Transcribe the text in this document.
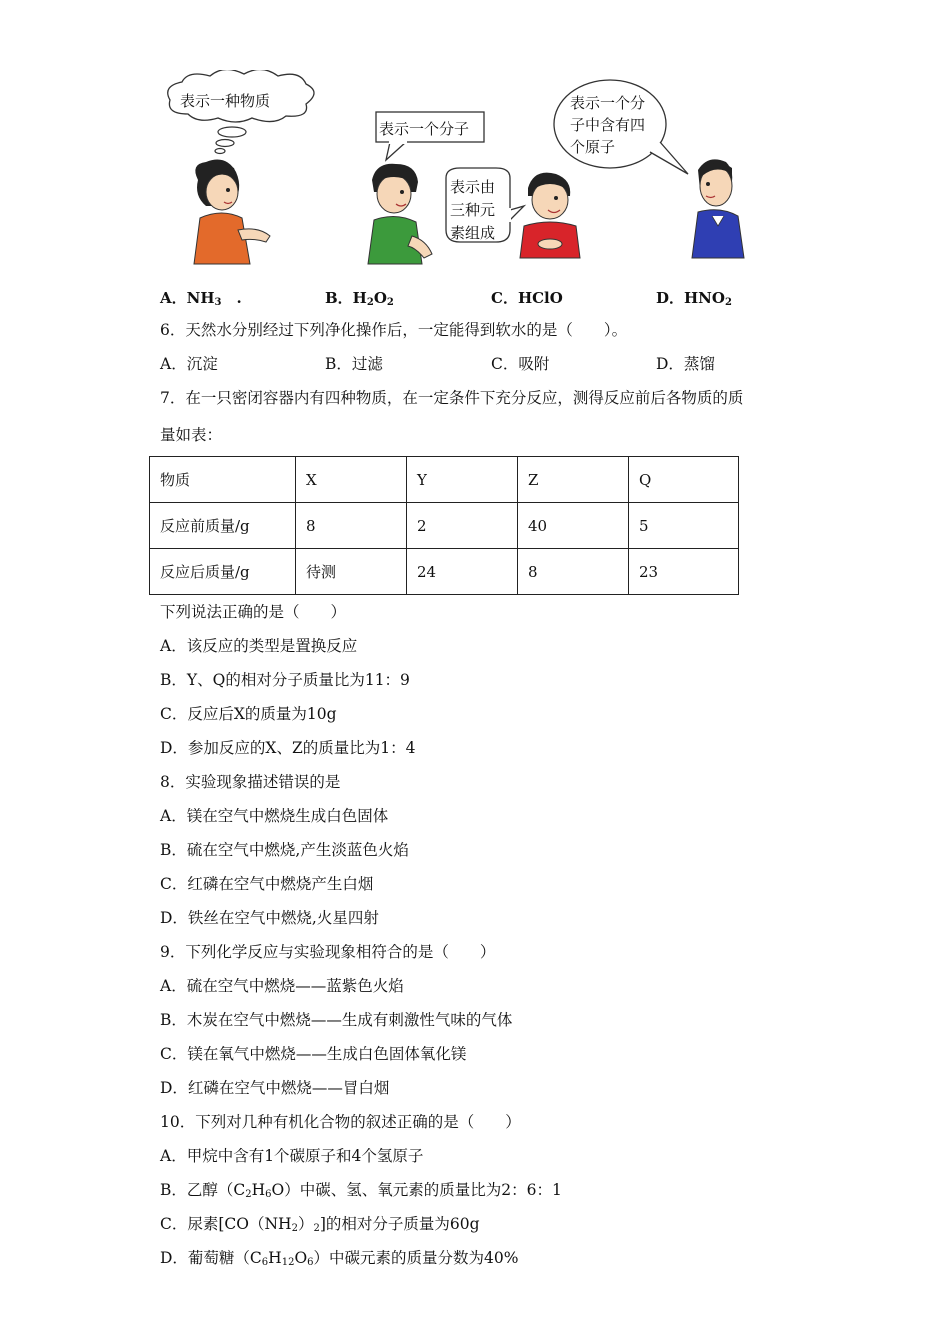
表示一种物质
表示一个分子
表示由
三种元
素组成
表示一个分
子中含有四
个原子
A．$NH_3$　.	B．$H_2O_2$	C．HClO	D．$HNO_2$
6．天然水分别经过下列净化操作后，一定能得到软水的是（　　）。
A．沉淀	B．过滤	C．吸附	D．蒸馏
7．在一只密闭容器内有四种物质，在一定条件下充分反应，测得反应前后各物质的质
量如表：
物质	X	Y	Z	Q
反应前质量/g	8	2	40	5
反应后质量/g	待测	24	8	23
下列说法正确的是（　　）
A．该反应的类型是置换反应
B．Y、Q的相对分子质量比为11：9
C．反应后X的质量为10g
D．参加反应的X、Z的质量比为1：4
8．实验现象描述错误的是
A．镁在空气中燃烧生成白色固体
B．硫在空气中燃烧,产生淡蓝色火焰
C．红磷在空气中燃烧产生白烟
D．铁丝在空气中燃烧,火星四射
9．下列化学反应与实验现象相符合的是（　　）
A．硫在空气中燃烧——蓝紫色火焰
B．木炭在空气中燃烧——生成有刺激性气味的气体
C．镁在氧气中燃烧——生成白色固体氧化镁
D．红磷在空气中燃烧——冒白烟
10．下列对几种有机化合物的叙述正确的是（　　）
A．甲烷中含有1个碳原子和4个氢原子
B．乙醇$(C_2H_6O)$中碳、氢、氧元素的质量比为2：6：1
C．尿素$[CO(NH_2)_2]$的相对分子质量为60g
D．葡萄糖$(C_6H_{12}O_6)$中碳元素的质量分数为40%
